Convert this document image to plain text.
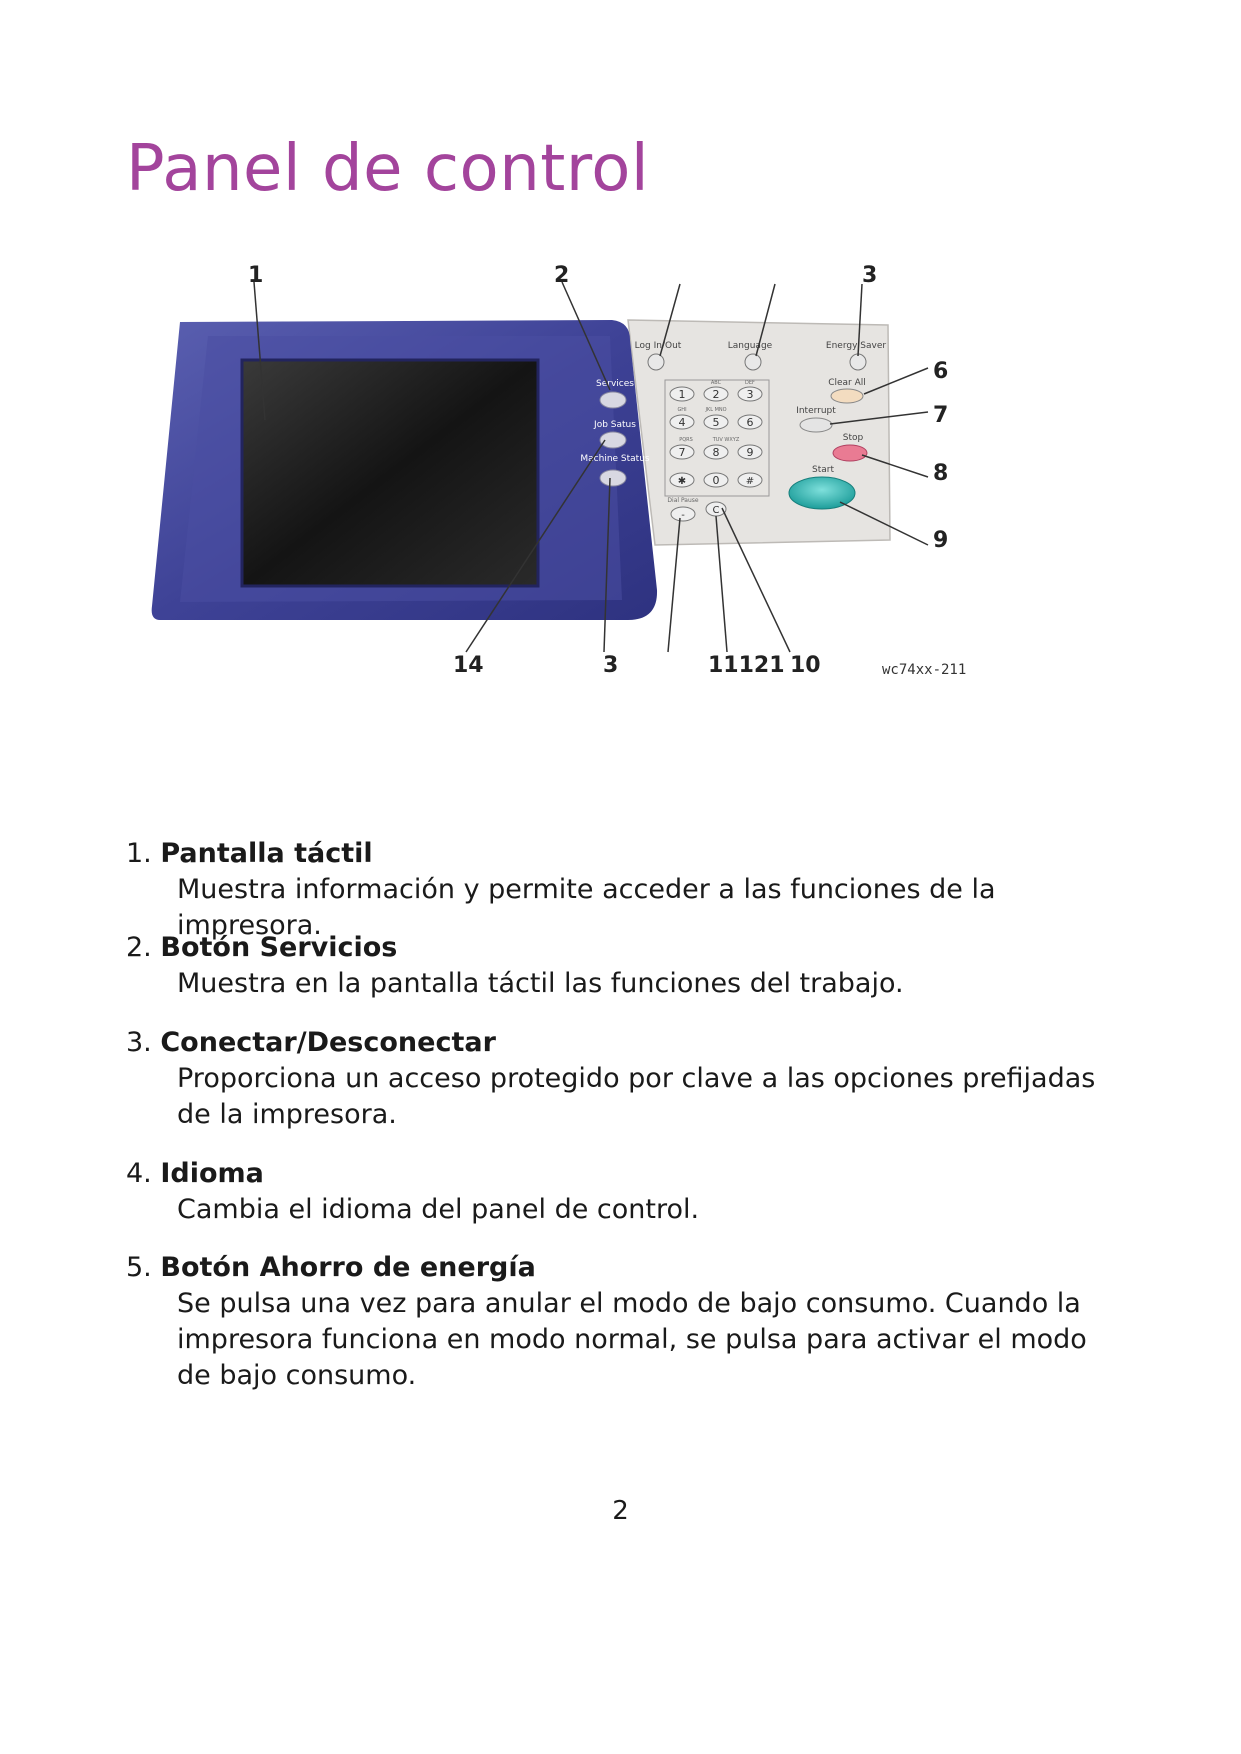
Panel de control
Services
Job Satus
Machine Status
Log In/Out	Language	Energy Saver
ABC	DEF
1 2 3
GHI	JKL MNO
4 5 6
PQRS	TUV WXYZ
7 8 9
✱ 0	#
Dial Pause
-	C
Clear All
Interrupt
Stop
Start
1	2	3
6
7
8
9
14	3	11121 10	wc74xx-211
1. Pantalla táctil
Muestra información y permite acceder a las funciones de la impresora.
2. Botón Servicios
Muestra en la pantalla táctil las funciones del trabajo.
3. Conectar/Desconectar
Proporciona un acceso protegido por clave a las opciones prefijadas de la impresora.
4. Idioma
Cambia el idioma del panel de control.
5. Botón Ahorro de energía
Se pulsa una vez para anular el modo de bajo consumo. Cuando la impresora funciona en modo normal, se pulsa para activar el modo de bajo consumo.
2
